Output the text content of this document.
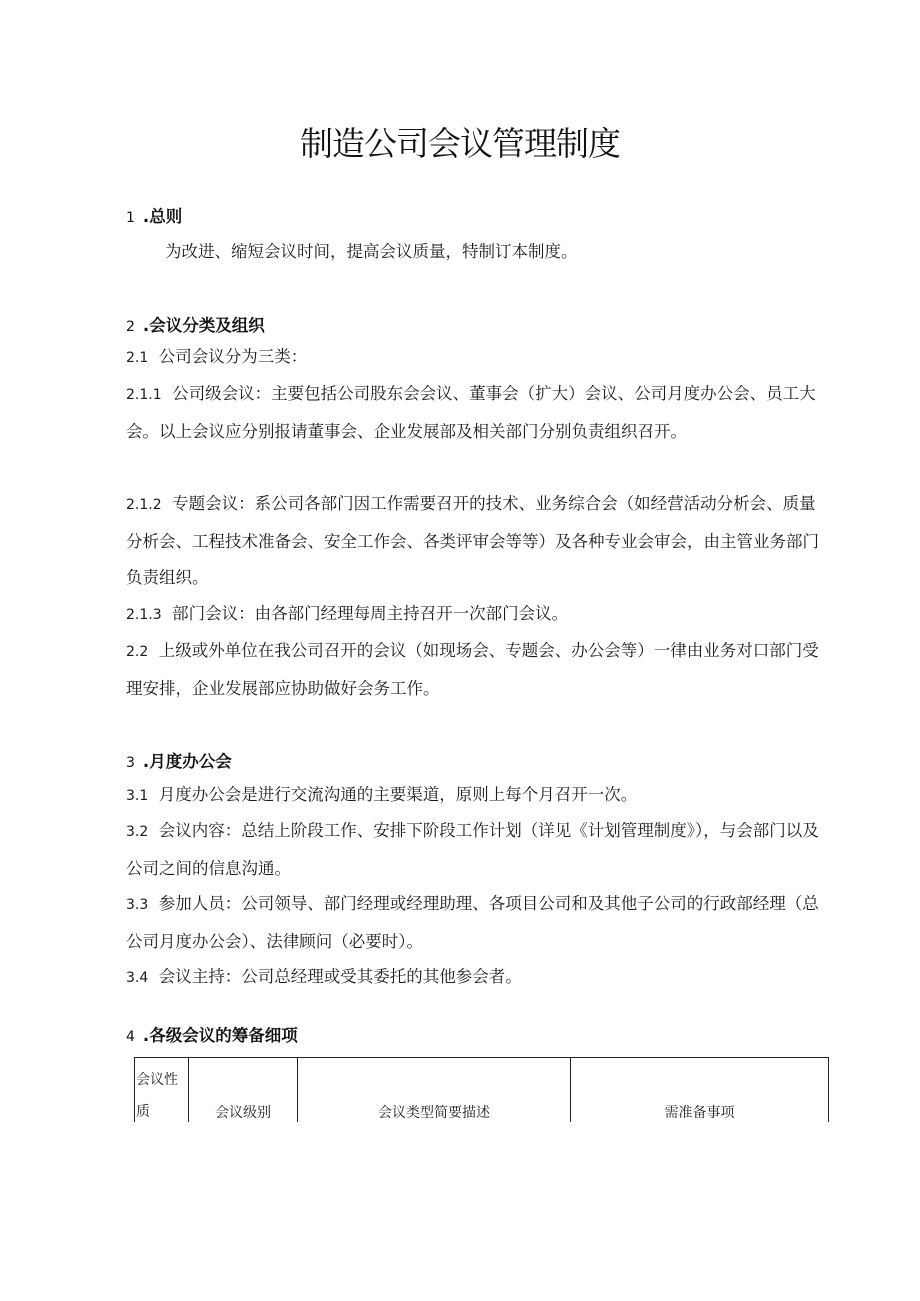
制造公司会议管理制度
1 .总则
为改进、缩短会议时间，提高会议质量，特制订本制度。
2 .会议分类及组织
2.1 公司会议分为三类：
2.1.1 公司级会议：主要包括公司股东会会议、董事会（扩大）会议、公司月度办公会、员工大会。以上会议应分别报请董事会、企业发展部及相关部门分别负责组织召开。
2.1.2 专题会议：系公司各部门因工作需要召开的技术、业务综合会（如经营活动分析会、质量分析会、工程技术准备会、安全工作会、各类评审会等等）及各种专业会审会，由主管业务部门负责组织。
2.1.3 部门会议：由各部门经理每周主持召开一次部门会议。
2.2 上级或外单位在我公司召开的会议（如现场会、专题会、办公会等）一律由业务对口部门受理安排，企业发展部应协助做好会务工作。
3 .月度办公会
3.1 月度办公会是进行交流沟通的主要渠道，原则上每个月召开一次。
3.2 会议内容：总结上阶段工作、安排下阶段工作计划（详见《计划管理制度》），与会部门以及公司之间的信息沟通。
3.3 参加人员：公司领导、部门经理或经理助理、各项目公司和及其他子公司的行政部经理（总公司月度办公会）、法律顾问（必要时）。
3.4 会议主持：公司总经理或受其委托的其他参会者。
4 .各级会议的筹备细项
会议性质	会议级别	会议类型简要描述	需准备事项
